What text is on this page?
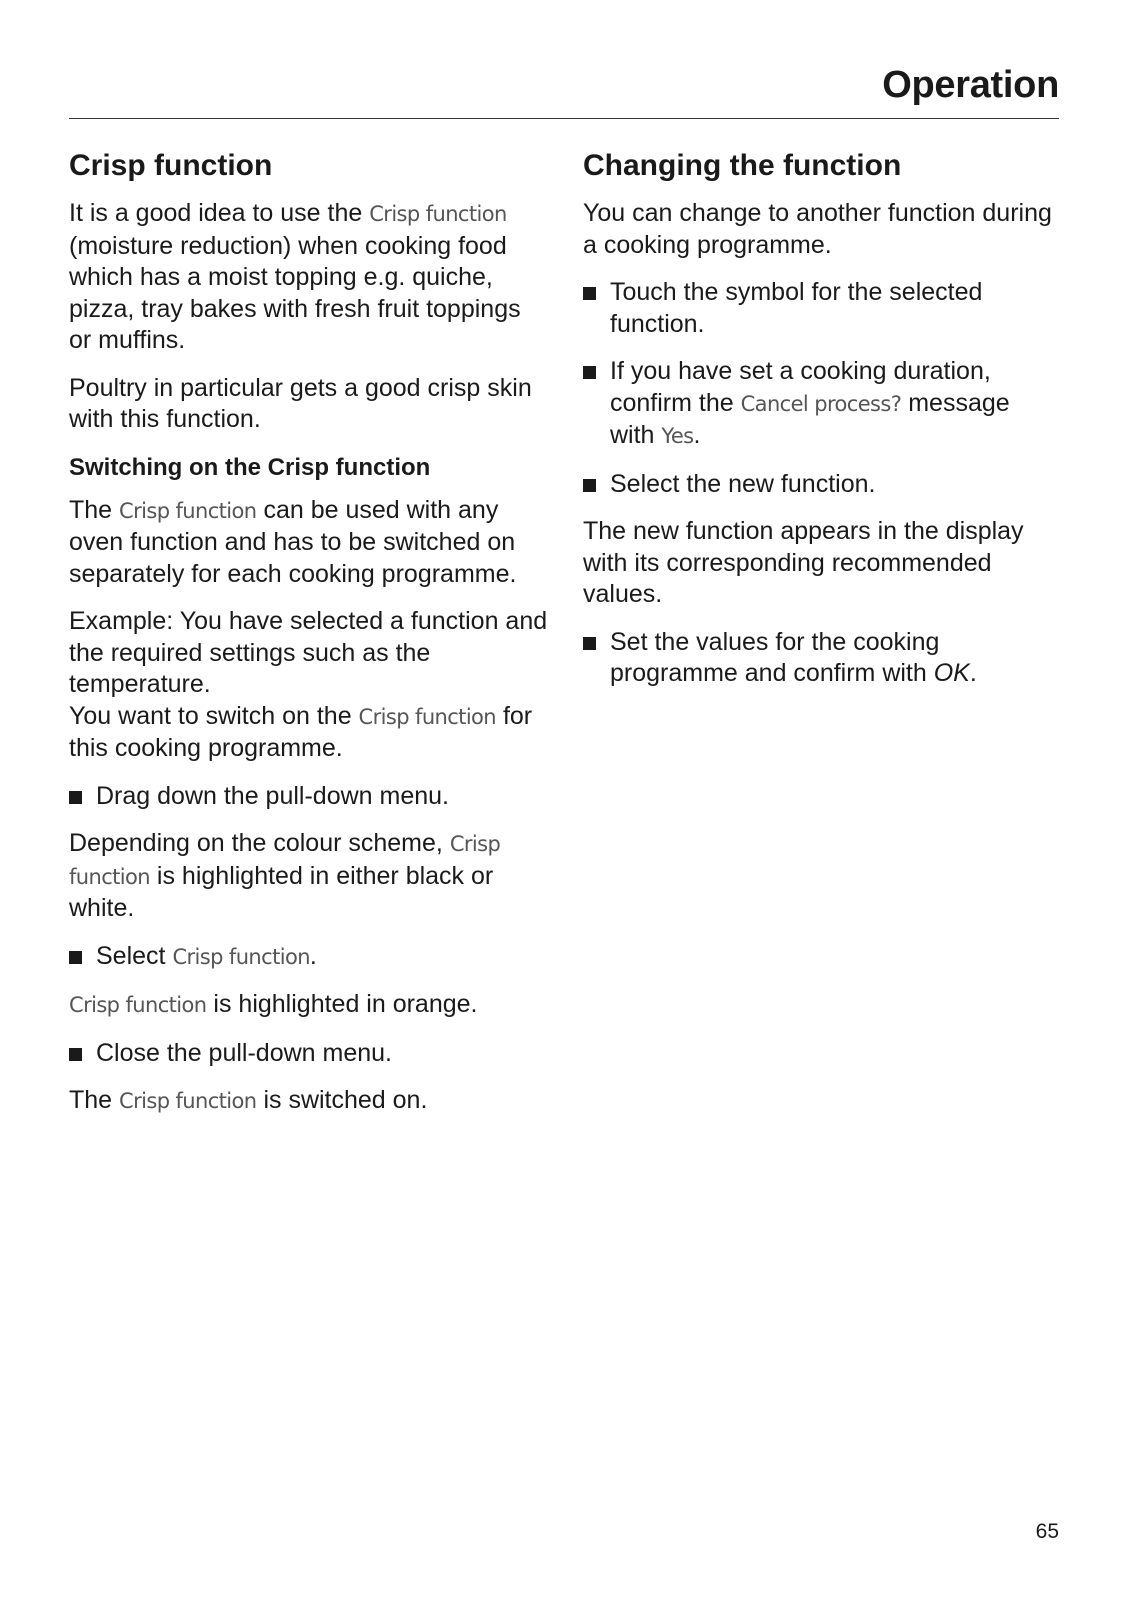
Operation
Crisp function

It is a good idea to use the Crisp function (moisture reduction) when cooking food which has a moist topping e.g. quiche, pizza, tray bakes with fresh fruit toppings or muffins.

Poultry in particular gets a good crisp skin with this function.

Switching on the Crisp function

The Crisp function can be used with any oven function and has to be switched on separately for each cooking programme.

Example: You have selected a function and the required settings such as the temperature.
You want to switch on the Crisp function for this cooking programme.

Drag down the pull-down menu.

Depending on the colour scheme, Crisp function is highlighted in either black or white.

Select Crisp function.

Crisp function is highlighted in orange.

Close the pull-down menu.

The Crisp function is switched on.

Changing the function

You can change to another function during a cooking programme.

Touch the symbol for the selected function.
If you have set a cooking duration, confirm the Cancel process? message with Yes.
Select the new function.

The new function appears in the display with its corresponding recommended values.

Set the values for the cooking programme and confirm with OK.
65
